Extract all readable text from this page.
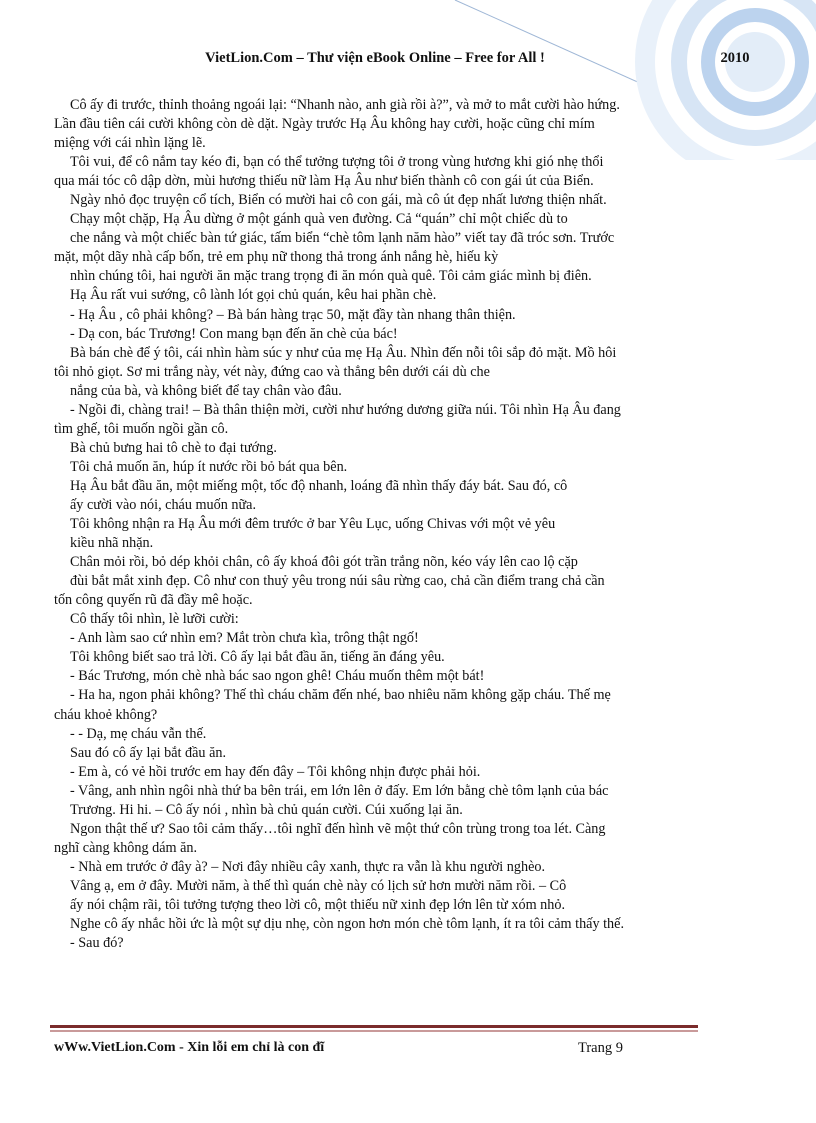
VietLion.Com – Thư viện eBook Online – Free for All !	2010
Cô ấy đi trước, thỉnh thoảng ngoái lại: “Nhanh nào, anh già rồi à?”, và mở to mắt cười hào hứng.
Lần đầu tiên cái cười không còn dè dặt. Ngày trước Hạ Âu không hay cười, hoặc cũng chỉ mím
miệng với cái nhìn lặng lẽ.
Tôi vui, để cô nắm tay kéo đi, bạn có thể tưởng tượng tôi ở trong vùng hương khi gió nhẹ thổi
qua mái tóc cô dập dờn, mùi hương thiếu nữ làm Hạ Âu như biến thành cô con gái út của Biển.
Ngày nhỏ đọc truyện cổ tích, Biển có mười hai cô con gái, mà cô út đẹp nhất lương thiện nhất.
Chạy một chặp, Hạ Âu dừng ở một gánh quà ven đường. Cả “quán” chỉ một chiếc dù to
che nắng và một chiếc bàn tứ giác, tấm biển “chè tôm lạnh năm hào” viết tay đã tróc sơn. Trước
mặt, một dãy nhà cấp bốn, trẻ em phụ nữ thong thả trong ánh nắng hè, hiếu kỳ
nhìn chúng tôi, hai người ăn mặc trang trọng đi ăn món quà quê. Tôi cảm giác mình bị điên.
Hạ Âu rất vui sướng, cô lành lót gọi chủ quán, kêu hai phần chè.
- Hạ Âu , cô phải không? – Bà bán hàng trạc 50, mặt đầy tàn nhang thân thiện.
- Dạ con, bác Trương! Con mang bạn đến ăn chè của bác!
Bà bán chè để ý tôi, cái nhìn hàm súc y như của mẹ Hạ Âu. Nhìn đến nỗi tôi sắp đỏ mặt. Mồ hôi
tôi nhỏ giọt. Sơ mi trắng này, vét này, đứng cao và thẳng bên dưới cái dù che
nắng của bà, và không biết để tay chân vào đâu.
- Ngồi đi, chàng trai! – Bà thân thiện mời, cười như hướng dương giữa núi. Tôi nhìn Hạ Âu đang
tìm ghế, tôi muốn ngồi gần cô.
Bà chủ bưng hai tô chè to đại tướng.
Tôi chả muốn ăn, húp ít nước rồi bỏ bát qua bên.
Hạ Âu bắt đầu ăn, một miếng một, tốc độ nhanh, loáng đã nhìn thấy đáy bát. Sau đó, cô
ấy cười vào nói, cháu muốn nữa.
Tôi không nhận ra Hạ Âu mới đêm trước ở bar Yêu Lục, uống Chivas với một vẻ yêu
kiều nhã nhặn.
Chân mỏi rồi, bỏ dép khỏi chân, cô ấy khoá đôi gót trần trắng nõn, kéo váy lên cao lộ cặp
đùi bắt mắt xinh đẹp. Cô như con thuỷ yêu trong núi sâu rừng cao, chả cần điểm trang chả cần
tốn công quyến rũ đã đầy mê hoặc.
Cô thấy tôi nhìn, lè lưỡi cười:
- Anh làm sao cứ nhìn em? Mắt tròn chưa kìa, trông thật ngố!
Tôi không biết sao trả lời. Cô ấy lại bắt đầu ăn, tiếng ăn đáng yêu.
- Bác Trương, món chè nhà bác sao ngon ghê! Cháu muốn thêm một bát!
- Ha ha, ngon phải không? Thế thì cháu chăm đến nhé, bao nhiêu năm không gặp cháu. Thế mẹ
cháu khoẻ không?
- - Dạ, mẹ cháu vẫn thế.
Sau đó cô ấy lại bắt đầu ăn.
- Em à, có vẻ hồi trước em hay đến đây – Tôi không nhịn được phải hỏi.
- Vâng, anh nhìn ngôi nhà thứ ba bên trái, em lớn lên ở đấy. Em lớn bằng chè tôm lạnh của bác
Trương. Hi hi. – Cô ấy nói , nhìn bà chủ quán cười. Cúi xuống lại ăn.
Ngon thật thế ư? Sao tôi cảm thấy…tôi nghĩ đến hình vẽ một thứ côn trùng trong toa lét. Càng
nghĩ càng không dám ăn.
- Nhà em trước ở đây à? – Nơi đây nhiều cây xanh, thực ra vẫn là khu người nghèo.
Vâng ạ, em ở đây. Mười năm, à thế thì quán chè này có lịch sử hơn mười năm rồi. – Cô
ấy nói chậm rãi, tôi tưởng tượng theo lời cô, một thiếu nữ xinh đẹp lớn lên từ xóm nhỏ.
Nghe cô ấy nhắc hồi ức là một sự dịu nhẹ, còn ngon hơn món chè tôm lạnh, ít ra tôi cảm thấy thế.
- Sau đó?
wWw.VietLion.Com - Xin lỗi em chỉ là con đĩ	Trang 9
